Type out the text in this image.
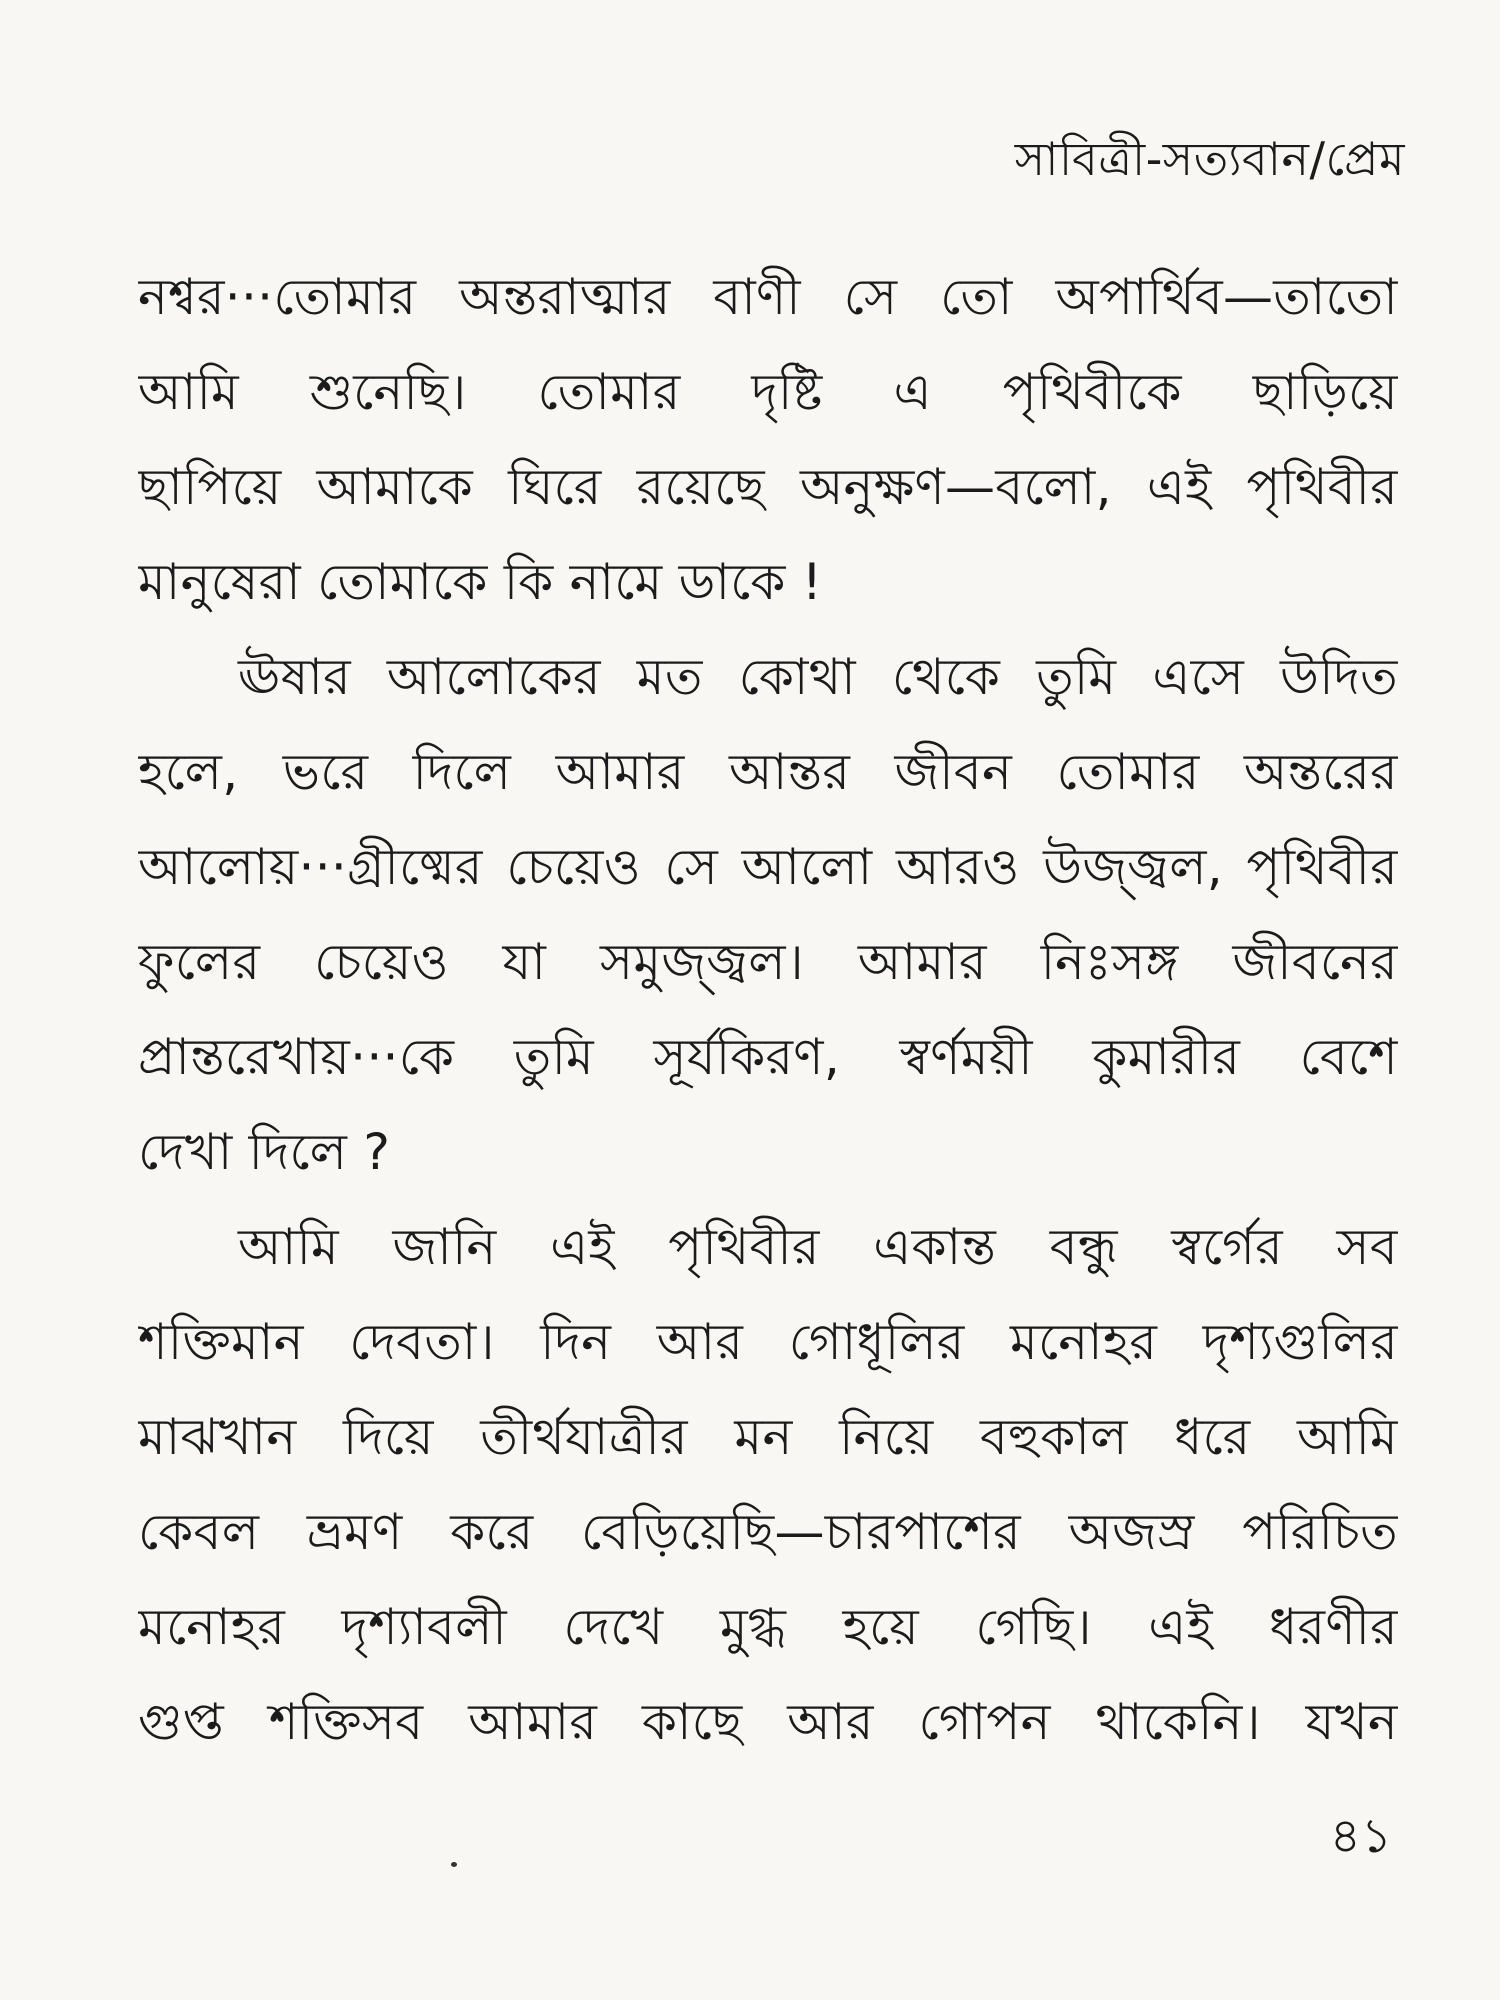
সাবিত্রী-সত্যবান/প্রেম
নশ্বর···তোমার অন্তরাত্মার বাণী সে তো অপার্থিব—তাতো
আমি শুনেছি। তোমার দৃষ্টি এ পৃথিবীকে ছাড়িয়ে
ছাপিয়ে আমাকে ঘিরে রয়েছে অনুক্ষণ—বলো, এই পৃথিবীর
মানুষেরা তোমাকে কি নামে ডাকে !
ঊষার আলোকের মত কোথা থেকে তুমি এসে উদিত
হলে, ভরে দিলে আমার আন্তর জীবন তোমার অন্তরের
আলোয়···গ্রীষ্মের চেয়েও সে আলো আরও উজ্জ্বল, পৃথিবীর
ফুলের চেয়েও যা সমুজ্জ্বল। আমার নিঃসঙ্গ জীবনের
প্রান্তরেখায়···কে তুমি সূর্যকিরণ, স্বর্ণময়ী কুমারীর বেশে
দেখা দিলে ?
আমি জানি এই পৃথিবীর একান্ত বন্ধু স্বর্গের সব
শক্তিমান দেবতা। দিন আর গোধূলির মনোহর দৃশ্যগুলির
মাঝখান দিয়ে তীর্থযাত্রীর মন নিয়ে বহুকাল ধরে আমি
কেবল ভ্রমণ করে বেড়িয়েছি—চারপাশের অজস্র পরিচিত
মনোহর দৃশ্যাবলী দেখে মুগ্ধ হয়ে গেছি। এই ধরণীর
গুপ্ত শক্তিসব আমার কাছে আর গোপন থাকেনি। যখন
৪১
